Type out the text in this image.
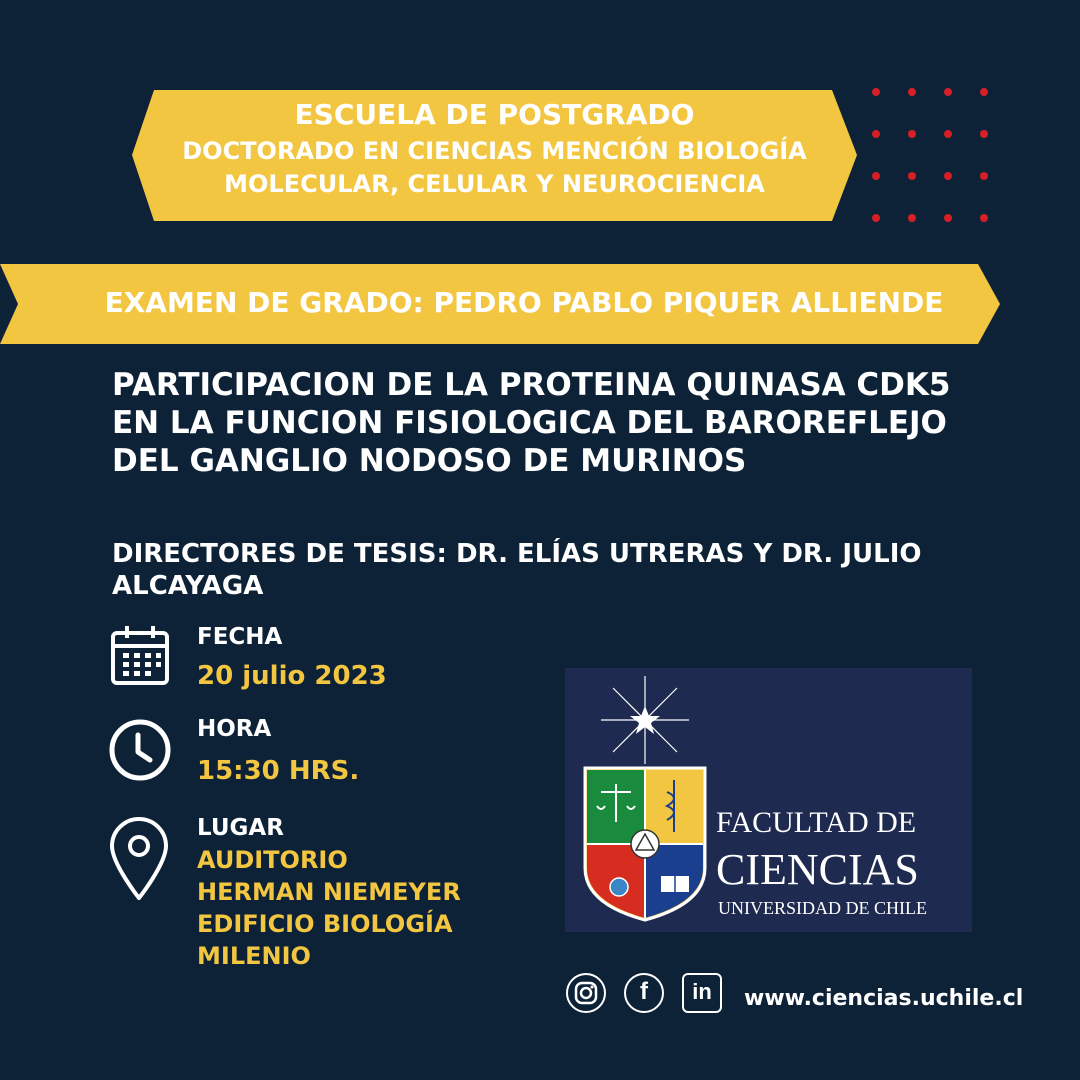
ESCUELA DE POSTGRADO
DOCTORADO EN CIENCIAS MENCIÓN BIOLOGÍA
MOLECULAR, CELULAR Y NEUROCIENCIA
EXAMEN DE GRADO: PEDRO PABLO PIQUER ALLIENDE
PARTICIPACION DE LA PROTEINA QUINASA CDK5
EN LA FUNCION FISIOLOGICA DEL BAROREFLEJO
DEL GANGLIO NODOSO DE MURINOS
DIRECTORES DE TESIS: DR. ELÍAS UTRERAS Y DR. JULIO ALCAYAGA
FECHA
20 julio 2023
HORA
15:30 HRS.
LUGAR
AUDITORIO
HERMAN NIEMEYER
EDIFICIO BIOLOGÍA
MILENIO
FACULTAD DE
CIENCIAS
UNIVERSIDAD DE CHILE
f	in	www.ciencias.uchile.cl
